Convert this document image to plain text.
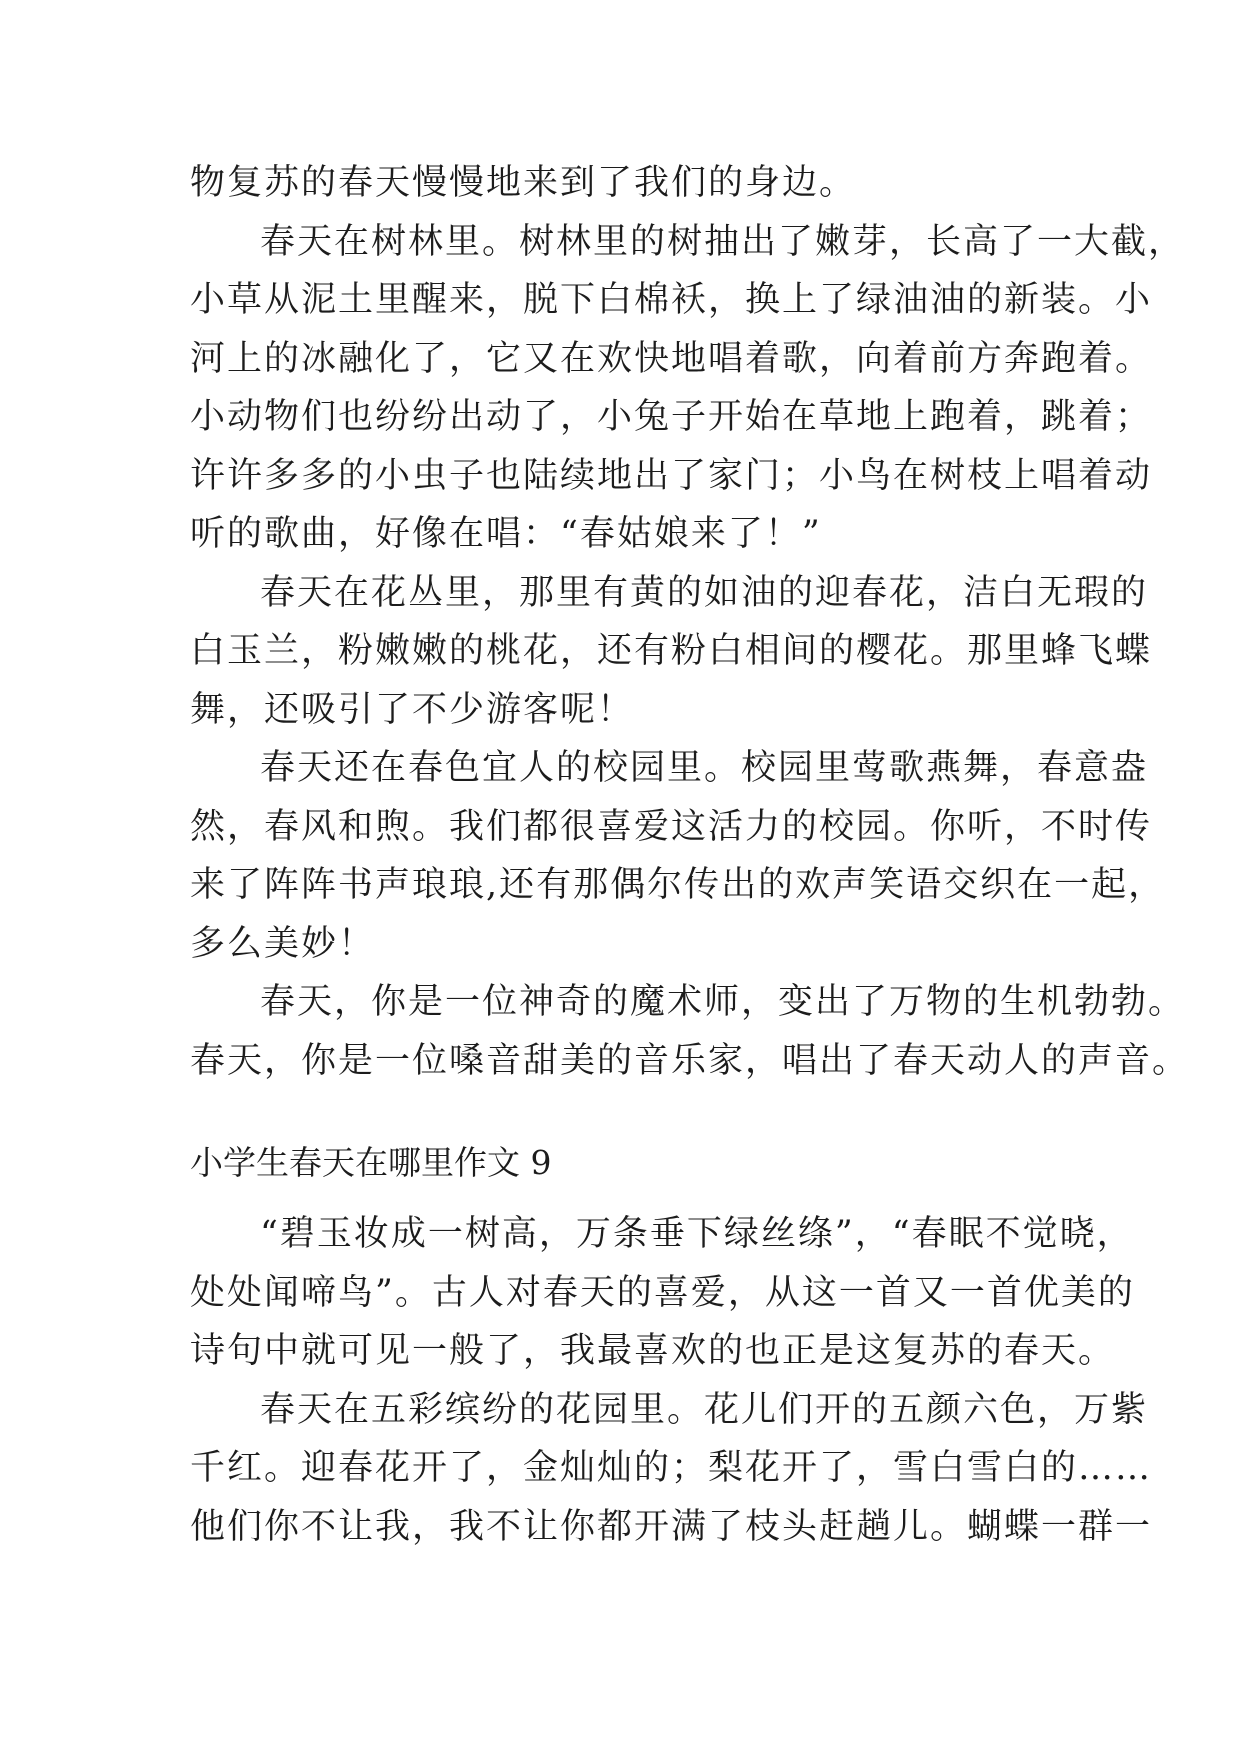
物复苏的春天慢慢地来到了我们的身边。
春天在树林里。树林里的树抽出了嫩芽，长高了一大截，
小草从泥土里醒来，脱下白棉袄，换上了绿油油的新装。小
河上的冰融化了，它又在欢快地唱着歌，向着前方奔跑着。
小动物们也纷纷出动了，小兔子开始在草地上跑着，跳着；
许许多多的小虫子也陆续地出了家门；小鸟在树枝上唱着动
听的歌曲，好像在唱：“春姑娘来了！”
春天在花丛里，那里有黄的如油的迎春花，洁白无瑕的
白玉兰，粉嫩嫩的桃花，还有粉白相间的樱花。那里蜂飞蝶
舞，还吸引了不少游客呢！
春天还在春色宜人的校园里。校园里莺歌燕舞，春意盎
然，春风和煦。我们都很喜爱这活力的校园。你听，不时传
来了阵阵书声琅琅,还有那偶尔传出的欢声笑语交织在一起，
多么美妙！
春天，你是一位神奇的魔术师，变出了万物的生机勃勃。
春天，你是一位嗓音甜美的音乐家，唱出了春天动人的声音。
小学生春天在哪里作文 9
“碧玉妆成一树高，万条垂下绿丝绦”，“春眠不觉晓，
处处闻啼鸟”。古人对春天的喜爱，从这一首又一首优美的
诗句中就可见一般了，我最喜欢的也正是这复苏的春天。
春天在五彩缤纷的花园里。花儿们开的五颜六色，万紫
千红。迎春花开了，金灿灿的；梨花开了，雪白雪白的……
他们你不让我，我不让你都开满了枝头赶趟儿。蝴蝶一群一
